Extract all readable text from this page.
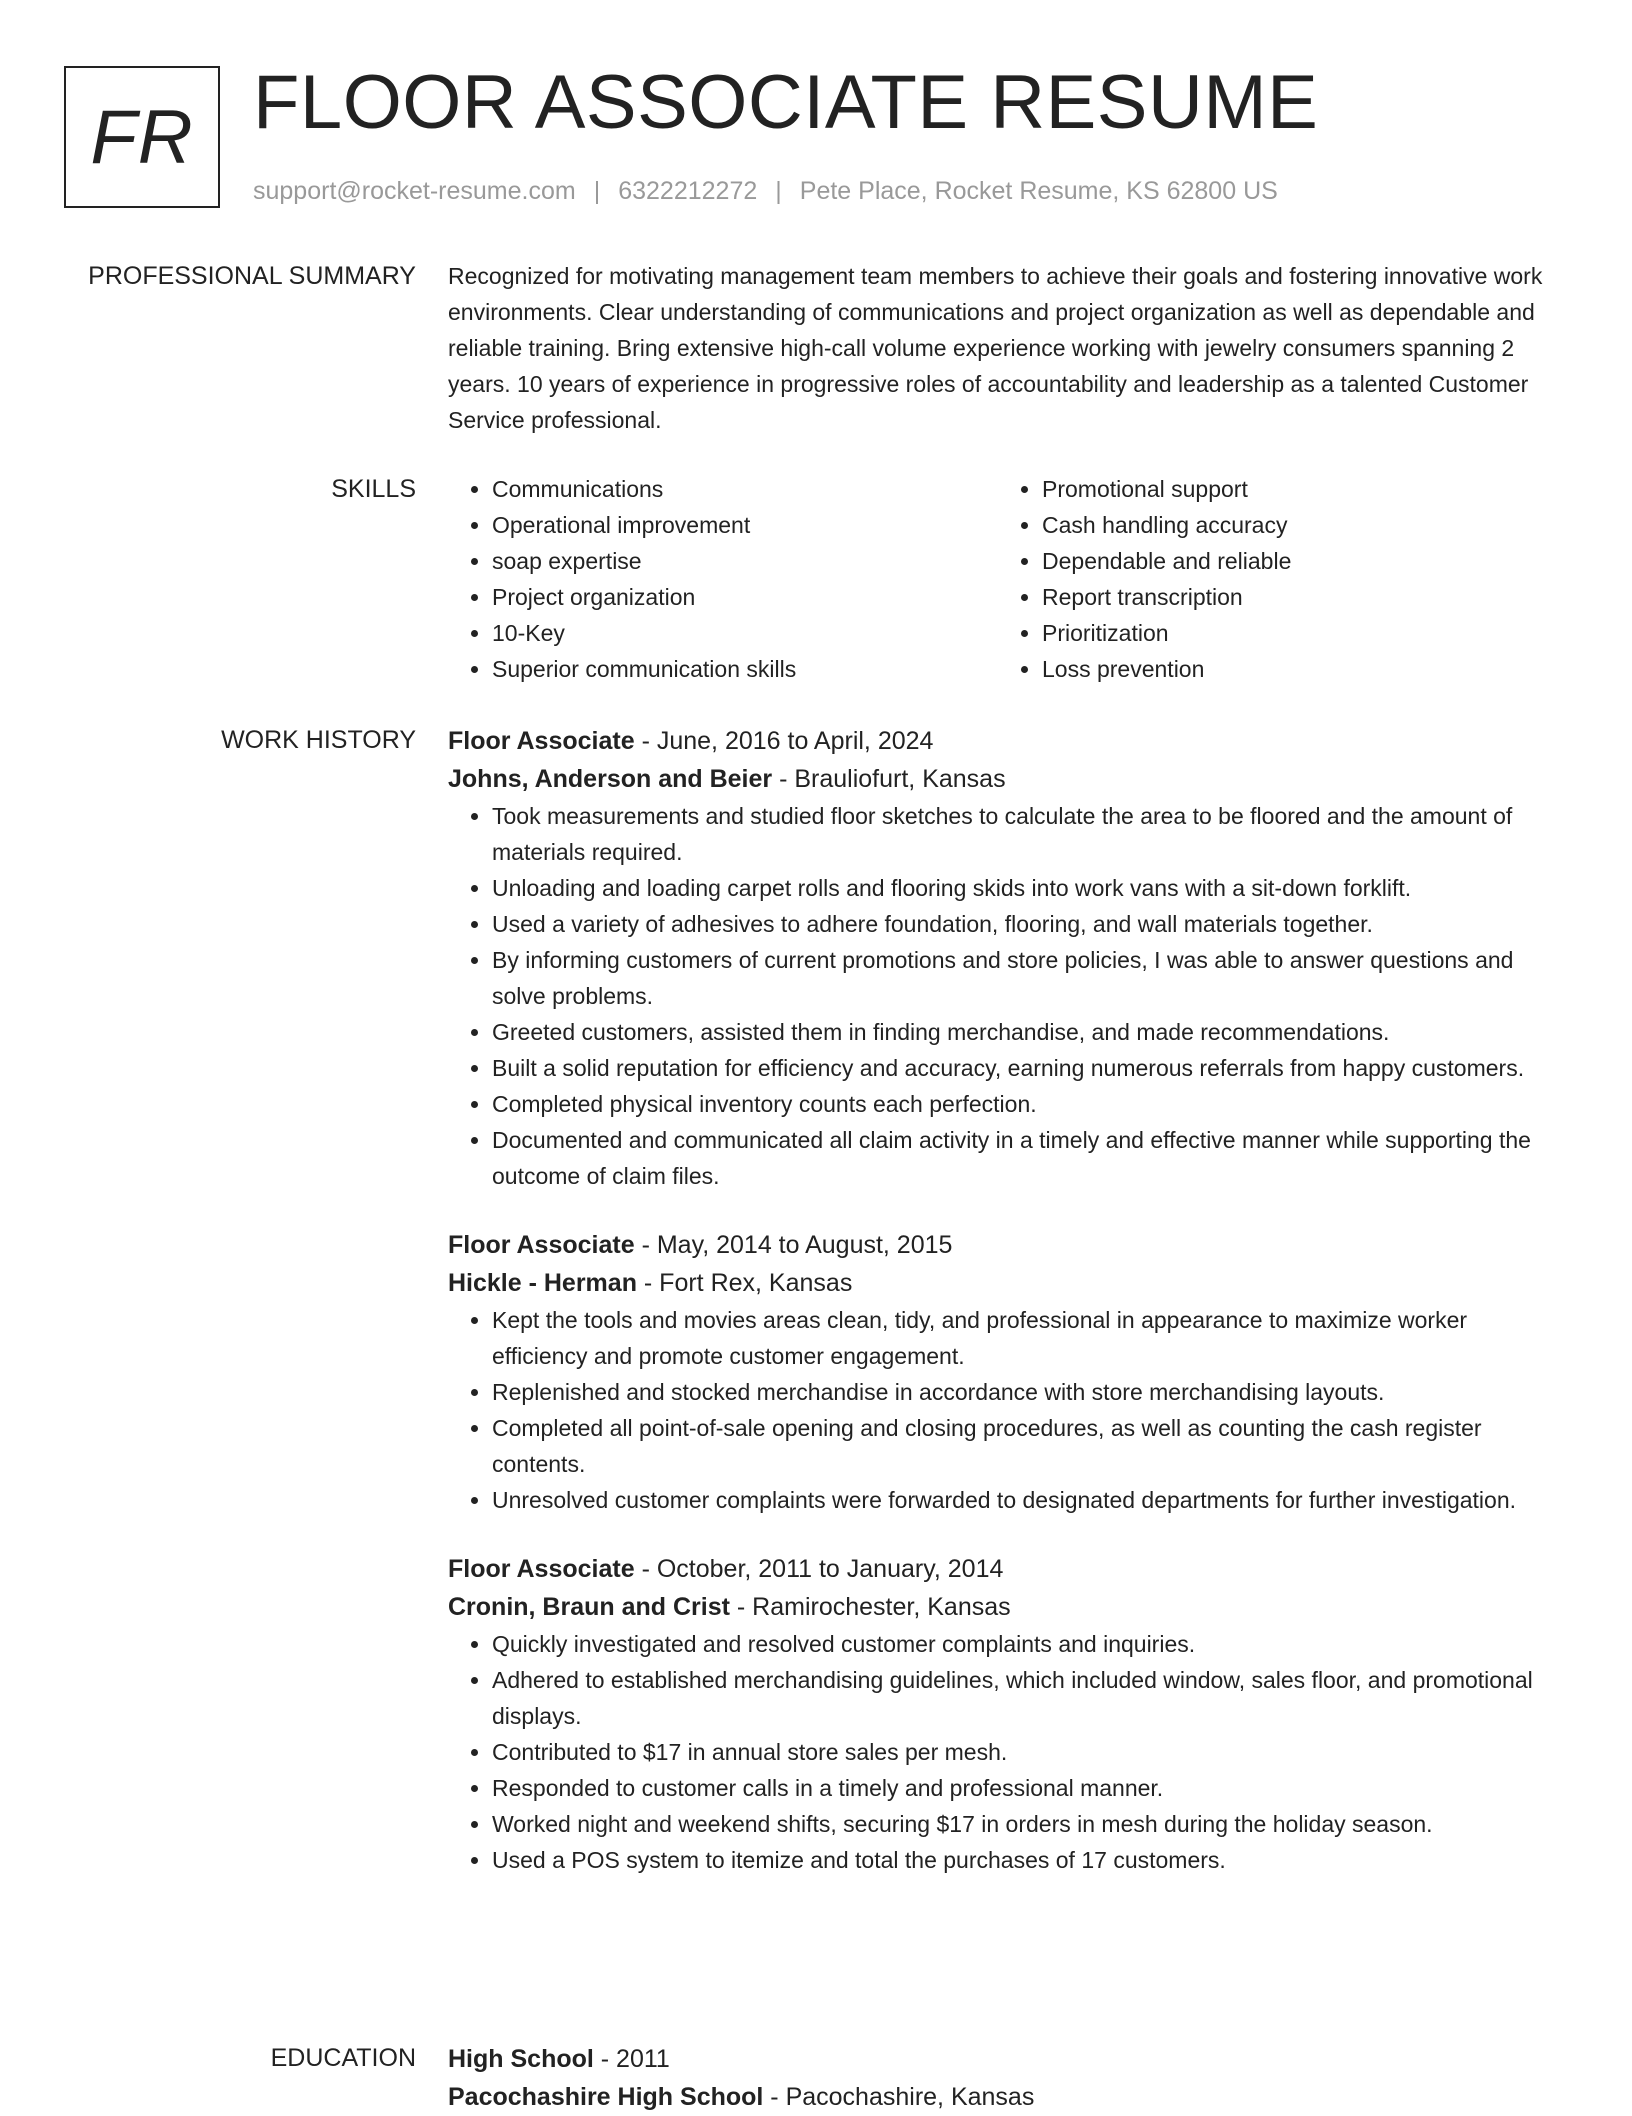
FR FLOOR ASSOCIATE RESUME
support@rocket-resume.com | 6322212272 | Pete Place, Rocket Resume, KS 62800 US
PROFESSIONAL SUMMARY Recognized for motivating management team members to achieve their goals and fostering innovative work environments. Clear understanding of communications and project organization as well as dependable and reliable training. Bring extensive high-call volume experience working with jewelry consumers spanning 2 years. 10 years of experience in progressive roles of accountability and leadership as a talented Customer Service professional.

SKILLS
•	Communications
• Operational improvement
• soap expertise
• Project organization
• 10-Key
• Superior communication skills
• Promotional support
• Cash handling accuracy
• Dependable and reliable
• Report transcription
• Prioritization
• Loss prevention
WORK HISTORY Floor Associate - June, 2016 to April, 2024
Johns, Anderson and Beier - Brauliofurt, Kansas
• Took measurements and studied floor sketches to calculate the area to be floored and the amount of materials required.
• Unloading and loading carpet rolls and flooring skids into work vans with a sit-down forklift.
• Used a variety of adhesives to adhere foundation, flooring, and wall materials together.
• By informing customers of current promotions and store policies, I was able to answer questions and solve problems.
• Greeted customers, assisted them in finding merchandise, and made recommendations.
• Built a solid reputation for efficiency and accuracy, earning numerous referrals from happy customers.
• Completed physical inventory counts each perfection.
• Documented and communicated all claim activity in a timely and effective manner while supporting the outcome of claim files.
Floor Associate - May, 2014 to August, 2015
Hickle - Herman - Fort Rex, Kansas
• Kept the tools and movies areas clean, tidy, and professional in appearance to maximize worker efficiency and promote customer engagement.
• Replenished and stocked merchandise in accordance with store merchandising layouts.
• Completed all point-of-sale opening and closing procedures, as well as counting the cash register contents.
• Unresolved customer complaints were forwarded to designated departments for further investigation.
Floor Associate - October, 2011 to January, 2014
Cronin, Braun and Crist - Ramirochester, Kansas
• Quickly investigated and resolved customer complaints and inquiries.
• Adhered to established merchandising guidelines, which included window, sales floor, and promotional displays.
• Contributed to $17 in annual store sales per mesh.
• Responded to customer calls in a timely and professional manner.
• Worked night and weekend shifts, securing $17 in orders in mesh during the holiday season.
• Used a POS system to itemize and total the purchases of 17 customers.
EDUCATION High School - 2011
Pacochashire High School - Pacochashire, Kansas
